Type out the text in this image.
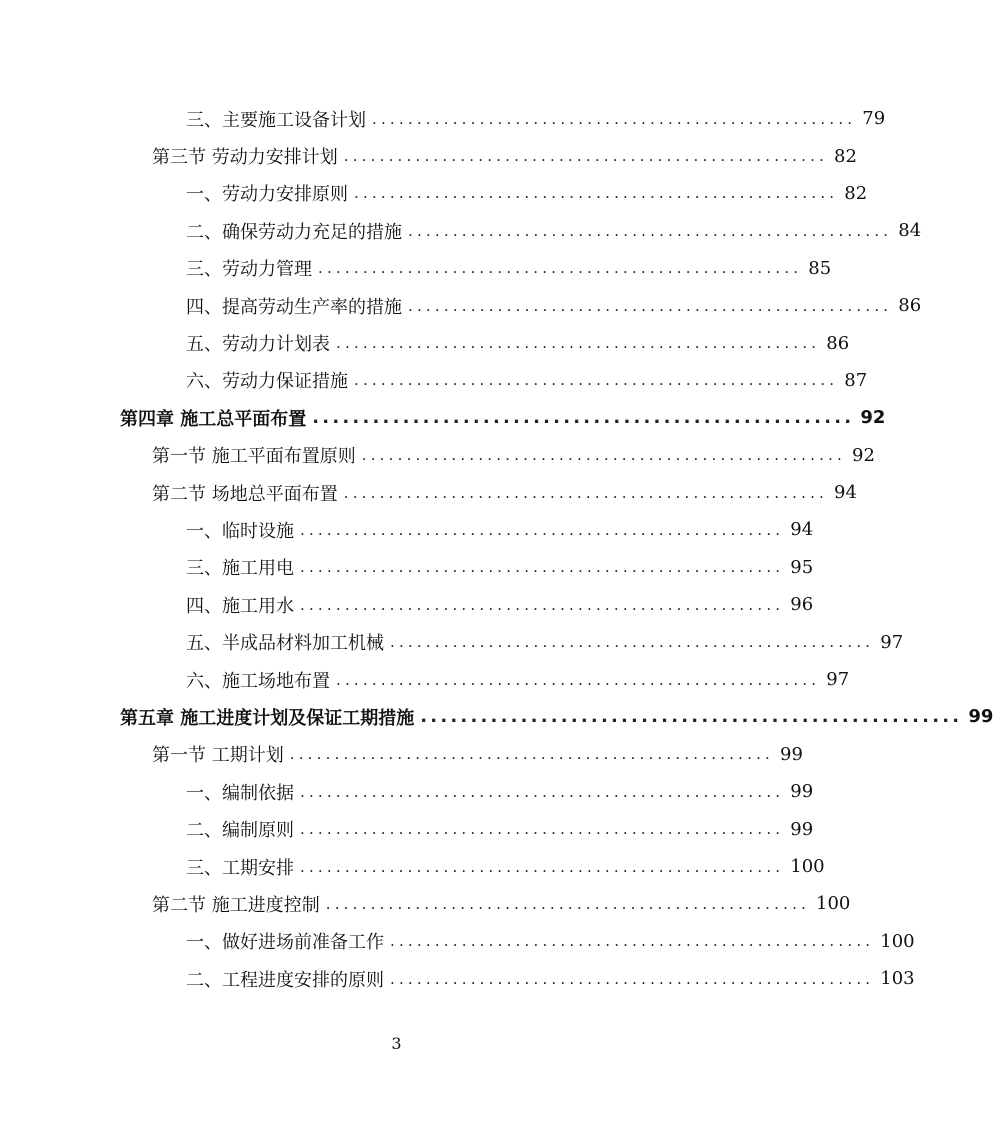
三、主要施工设备计划 ...................................................... 79
第三节 劳动力安排计划 ...................................................... 82
一、劳动力安排原则 ...................................................... 82
二、确保劳动力充足的措施 ...................................................... 84
三、劳动力管理 ...................................................... 85
四、提高劳动生产率的措施 ...................................................... 86
五、劳动力计划表 ...................................................... 86
六、劳动力保证措施 ...................................................... 87
第四章 施工总平面布置 ...................................................... 92
第一节 施工平面布置原则 ...................................................... 92
第二节 场地总平面布置 ...................................................... 94
一、临时设施 ...................................................... 94
三、施工用电 ...................................................... 95
四、施工用水 ...................................................... 96
五、半成品材料加工机械 ...................................................... 97
六、施工场地布置 ...................................................... 97
第五章 施工进度计划及保证工期措施 ...................................................... 99
第一节 工期计划 ...................................................... 99
一、编制依据 ...................................................... 99
二、编制原则 ...................................................... 99
三、工期安排 ...................................................... 100
第二节 施工进度控制 ...................................................... 100
一、做好进场前准备工作 ...................................................... 100
二、工程进度安排的原则 ...................................................... 103
3
